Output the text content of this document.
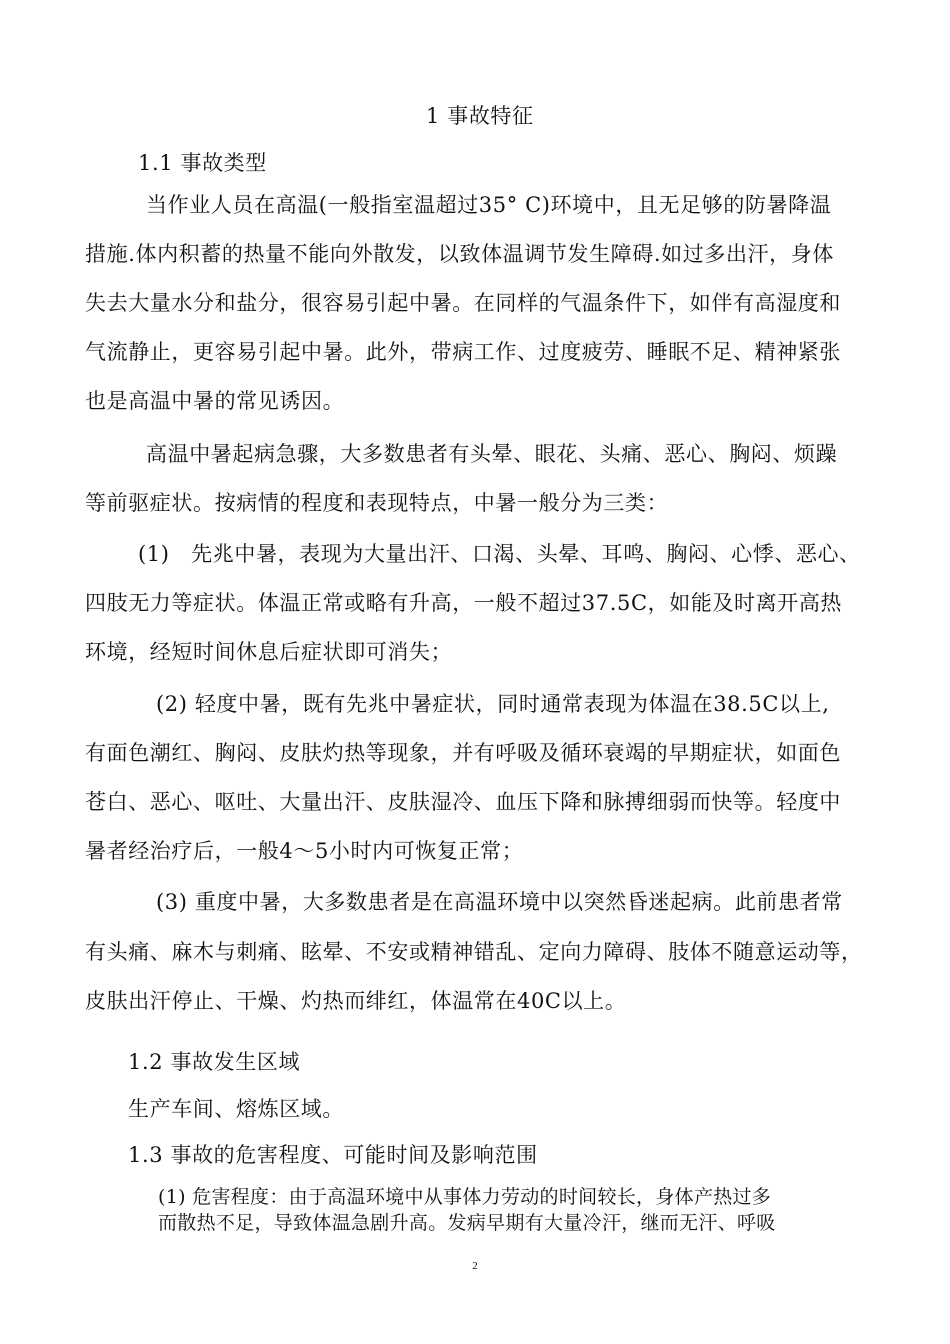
1 事故特征
1.1 事故类型
当作业人员在高温(一般指室温超过35° C)环境中，且无足够的防暑降温
措施.体内积蓄的热量不能向外散发，以致体温调节发生障碍.如过多出汗，身体
失去大量水分和盐分，很容易引起中暑。在同样的气温条件下，如伴有高湿度和
气流静止，更容易引起中暑。此外，带病工作、过度疲劳、睡眠不足、精神紧张
也是高温中暑的常见诱因。
高温中暑起病急骤，大多数患者有头晕、眼花、头痛、恶心、胸闷、烦躁
等前驱症状。按病情的程度和表现特点，中暑一般分为三类：
(1)　先兆中暑，表现为大量出汗、口渴、头晕、耳鸣、胸闷、心悸、恶心、
四肢无力等症状。体温正常或略有升高，一般不超过37.5C，如能及时离开高热
环境，经短时间休息后症状即可消失；
(2) 轻度中暑，既有先兆中暑症状，同时通常表现为体温在38.5C以上,
有面色潮红、胸闷、皮肤灼热等现象，并有呼吸及循环衰竭的早期症状，如面色
苍白、恶心、呕吐、大量出汗、皮肤湿冷、血压下降和脉搏细弱而快等。轻度中
暑者经治疗后，一般4〜5小时内可恢复正常；
(3) 重度中暑，大多数患者是在高温环境中以突然昏迷起病。此前患者常
有头痛、麻木与刺痛、眩晕、不安或精神错乱、定向力障碍、肢体不随意运动等，
皮肤出汗停止、干燥、灼热而绯红，体温常在40C以上。
1.2 事故发生区域
生产车间、熔炼区域。
1.3 事故的危害程度、可能时间及影响范围
(1) 危害程度：由于高温环境中从事体力劳动的时间较长，身体产热过多
而散热不足，导致体温急剧升高。发病早期有大量冷汗，继而无汗、呼吸
2
